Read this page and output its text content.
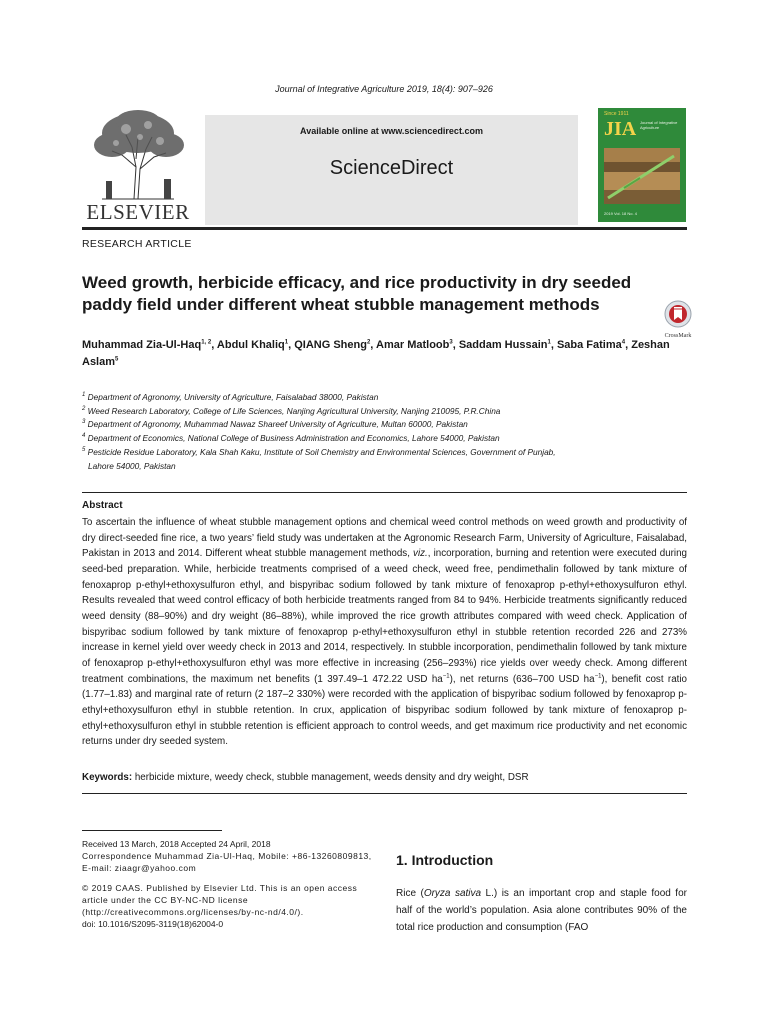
Journal of Integrative Agriculture 2019, 18(4): 907–926
ELSEVIER
Available online at www.sciencedirect.com
ScienceDirect
Since 1911
JIA Journal of Integrative Agriculture
2019 Vol. 18 No. 4
RESEARCH ARTICLE
Weed growth, herbicide efficacy, and rice productivity in dry seeded paddy field under different wheat stubble management methods
CrossMark
Muhammad Zia-Ul-Haq$^{1, 2}$, Abdul Khaliq$^1$, QIANG Sheng$^2$, Amar Matloob$^3$, Saddam Hussain$^1$, Saba Fatima$^4$, Zeshan Aslam$^5$
$^1$ Department of Agronomy, University of Agriculture, Faisalabad 38000, Pakistan
$^2$ Weed Research Laboratory, College of Life Sciences, Nanjing Agricultural University, Nanjing 210095, P.R.China
$^3$ Department of Agronomy, Muhammad Nawaz Shareef University of Agriculture, Multan 60000, Pakistan
$^4$ Department of Economics, National College of Business Administration and Economics, Lahore 54000, Pakistan
$^5$ Pesticide Residue Laboratory, Kala Shah Kaku, Institute of Soil Chemistry and Environmental Sciences, Government of Punjab,
Lahore 54000, Pakistan
Abstract

To ascertain the influence of wheat stubble management options and chemical weed control methods on weed growth and productivity of dry direct-seeded fine rice, a two years’ field study was undertaken at the Agronomic Research Farm, University of Agriculture, Faisalabad, Pakistan in 2013 and 2014. Different wheat stubble management methods, viz., incorporation, burning and retention were executed during seed-bed preparation. While, herbicide treatments comprised of a weed check, weed free, pendimethalin followed by tank mixture of fenoxaprop p-ethyl+ethoxysulfuron ethyl, and bispyribac sodium followed by tank mixture of fenoxaprop p-ethyl+ethoxysulfuron ethyl. Results revealed that weed control efficacy of both herbicide treatments ranged from 84 to 94%. Herbicide treatments significantly reduced weed density (88–90%) and dry weight (86–88%), while improved the rice growth attributes compared with weed check. Application of bispyribac sodium followed by tank mixture of fenoxaprop p-ethyl+ethoxysulfuron ethyl in stubble retention recorded 226 and 273% increase in kernel yield over weedy check in 2013 and 2014, respectively. In stubble incorporation, pendimethalin followed by tank mixture of fenoxaprop p-ethyl+ethoxysulfuron ethyl was more effective in increasing (256–293%) rice yields over weedy check. Among different treatment combinations, the maximum net benefits (1 397.49–1 472.22 USD $ha^{-1}$), net returns (636–700 USD $ha^{-1}$), benefit cost ratio (1.77–1.83) and marginal rate of return (2 187–2 330%) were recorded with the application of bispyribac sodium followed by fenoxaprop p-ethyl+ethoxysulfuron ethyl in stubble retention. In crux, application of bispyribac sodium followed by tank mixture of fenoxaprop p-ethyl+ethoxysulfuron ethyl in stubble retention is efficient approach to control weeds, and get maximum rice productivity and net economic returns under dry seeded system.

Keywords: herbicide mixture, weedy check, stubble management, weeds density and dry weight, DSR

Received 13 March, 2018 Accepted 24 April, 2018

Correspondence Muhammad Zia-Ul-Haq, Mobile: +86-13260809813, E-mail: ziaagr@yahoo.com

© 2019 CAAS. Published by Elsevier Ltd. This is an open access article under the CC BY-NC-ND license (http://creativecommons.org/licenses/by-nc-nd/4.0/).

doi: 10.1016/S2095-3119(18)62004-0

1. Introduction

Rice (Oryza sativa L.) is an important crop and staple food for half of the world’s population. Asia alone contributes 90% of the total rice production and consumption (FAO
